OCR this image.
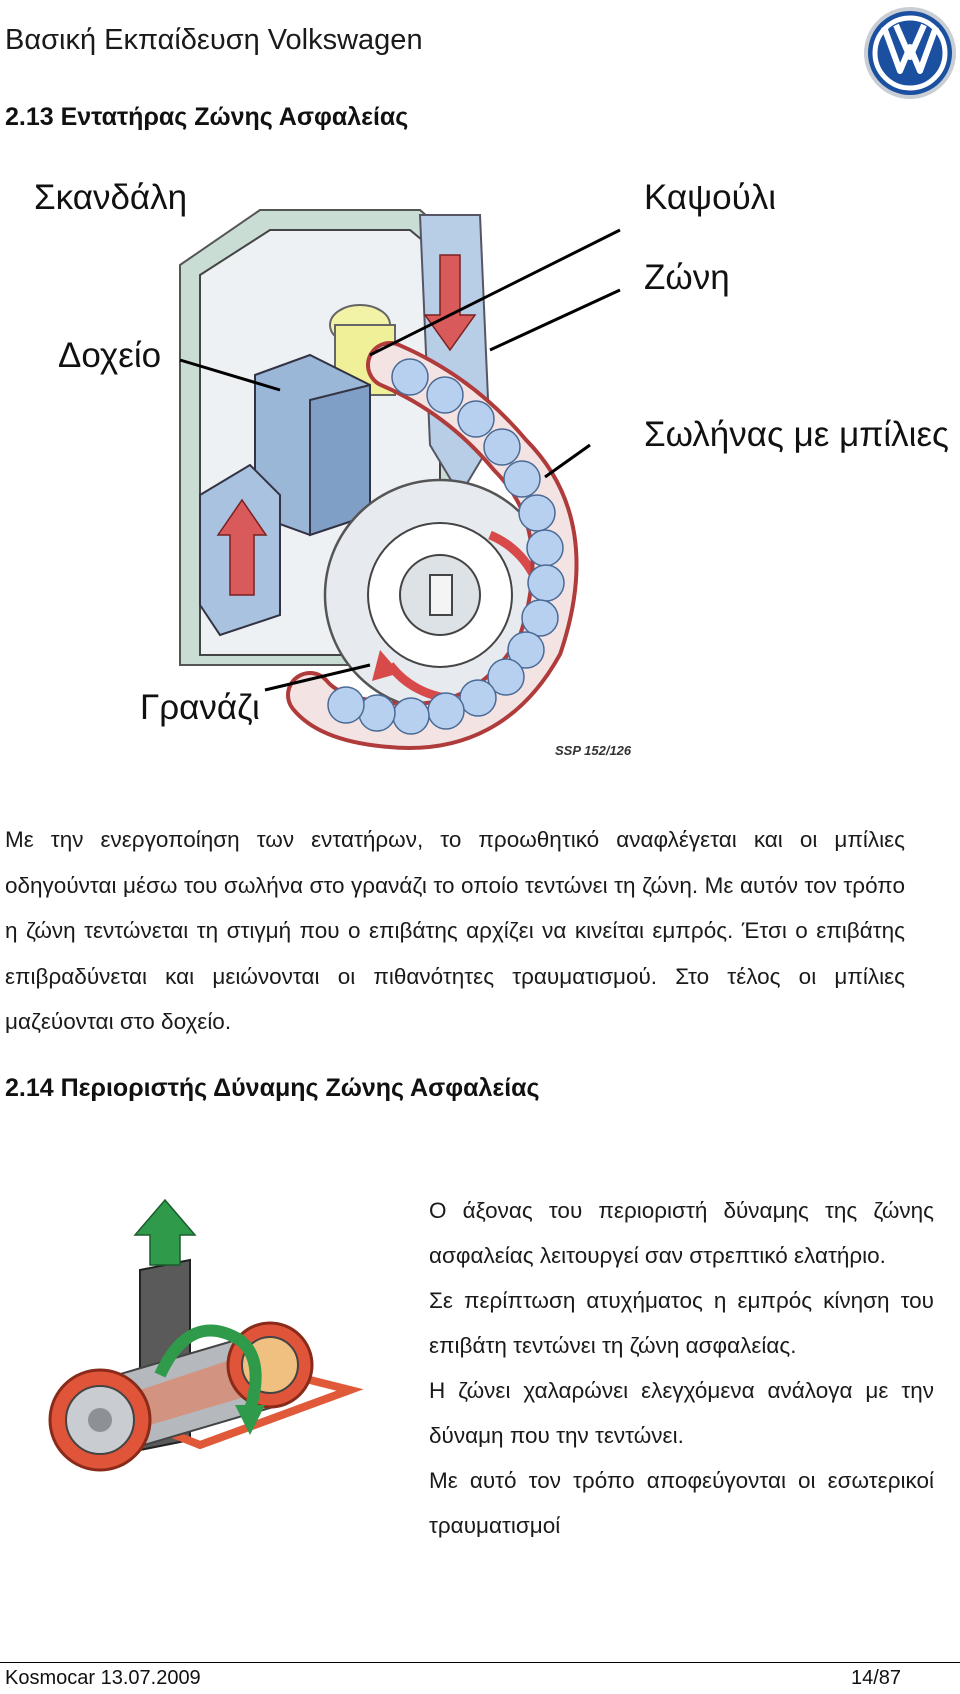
Βασική Εκπαίδευση Volkswagen
2.13 Εντατήρας Ζώνης Ασφαλείας
Σκανδάλη	Καψούλι
Ζώνη
Δοχείο
Σωλήνας με μπίλιες
Γρανάζι
SSP 152/126

Με την ενεργοποίηση των εντατήρων, το προωθητικό αναφλέγεται και οι μπίλιες οδηγούνται μέσω του σωλήνα στο γρανάζι το οποίο τεντώνει τη ζώνη. Με αυτόν τον τρόπο η ζώνη τεντώνεται τη στιγμή που ο επιβάτης αρχίζει να κινείται εμπρός. Έτσι ο επιβάτης επιβραδύνεται και μειώνονται οι πιθανότητες τραυματισμού. Στο τέλος οι μπίλιες μαζεύονται στο δοχείο.

2.14 Περιοριστής Δύναμης Ζώνης Ασφαλείας

Ο άξονας του περιοριστή δύναμης της ζώνης ασφαλείας λειτουργεί σαν στρεπτικό ελατήριο.

Σε περίπτωση ατυχήματος η εμπρός κίνηση του επιβάτη τεντώνει τη ζώνη ασφαλείας.

Η ζώνει χαλαρώνει ελεγχόμενα ανάλογα με την δύναμη που την τεντώνει.

Με αυτό τον τρόπο αποφεύγονται οι εσωτερικοί τραυματισμοί

Kosmocar 13.07.2009	14/87
